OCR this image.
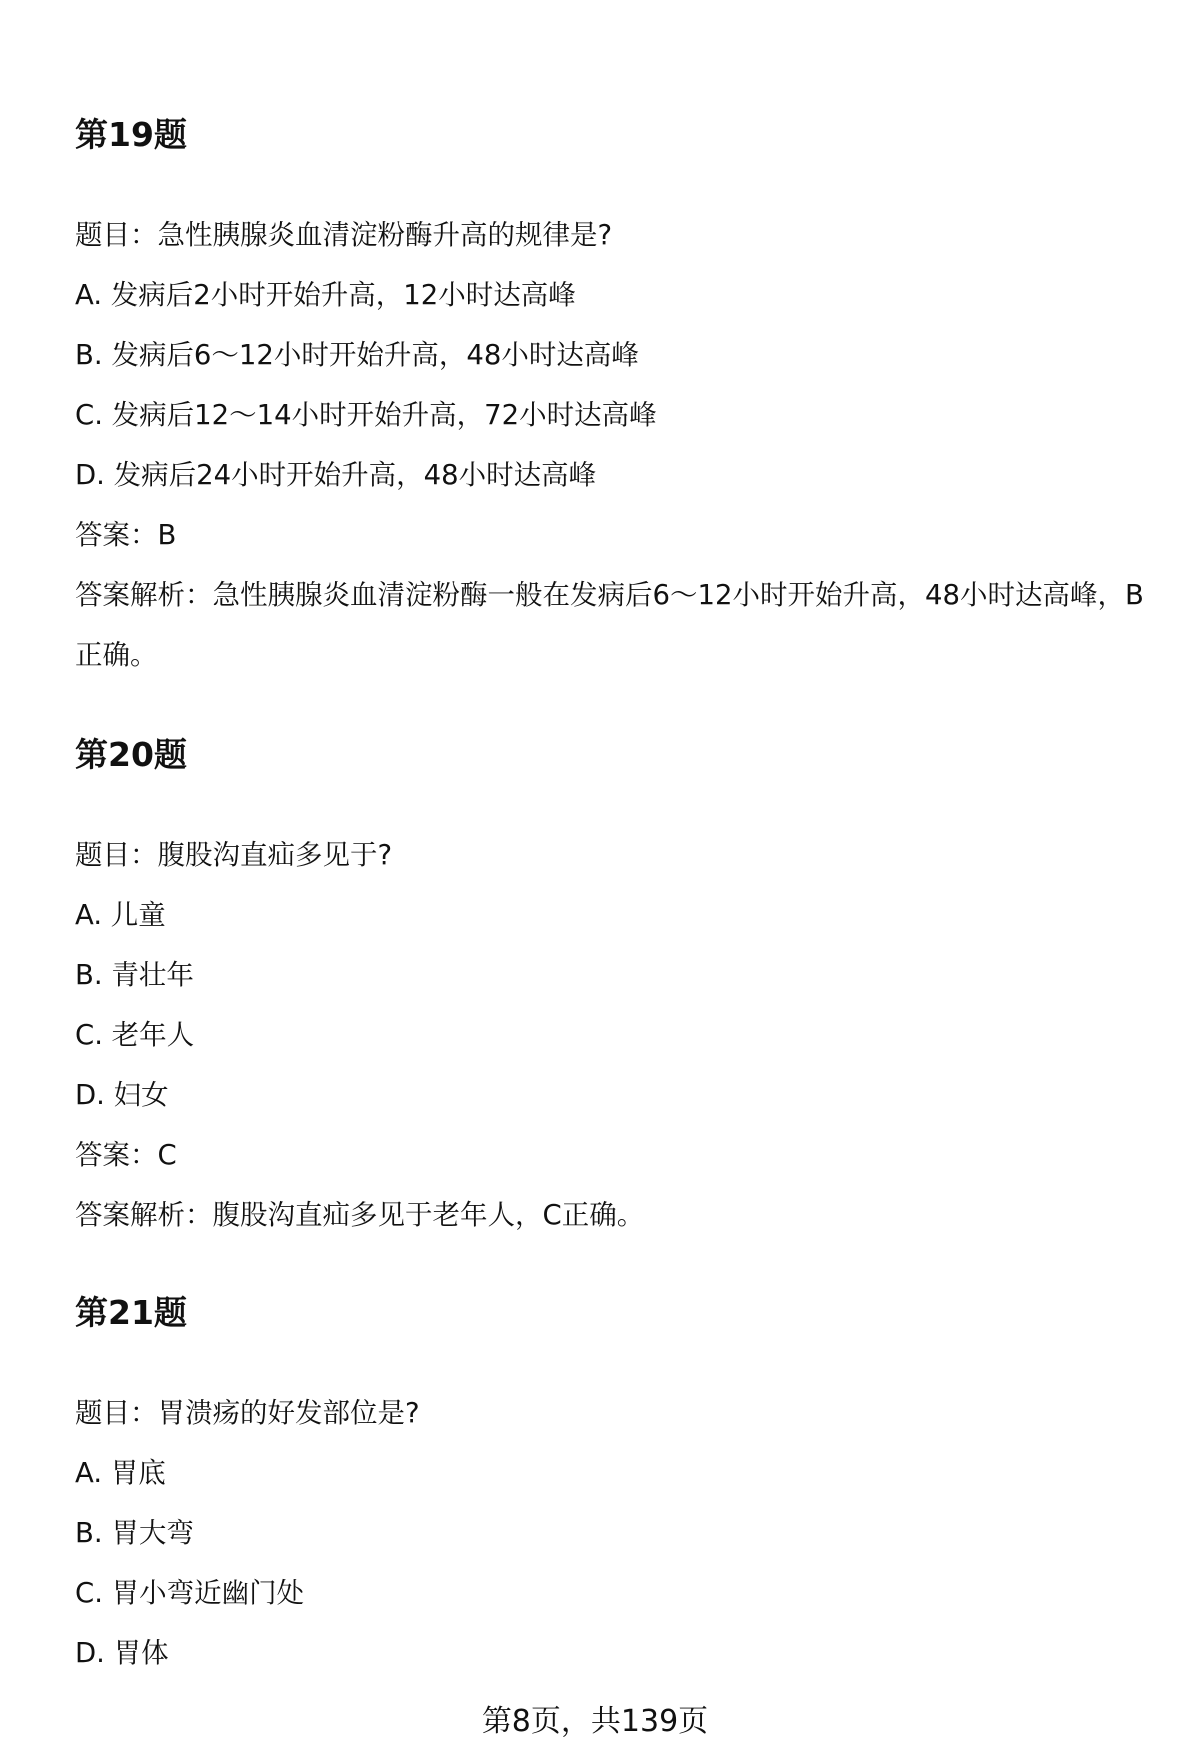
第19题

题目：急性胰腺炎血清淀粉酶升高的规律是?

A. 发病后2小时开始升高，12小时达高峰

B. 发病后6～12小时开始升高，48小时达高峰

C. 发病后12～14小时开始升高，72小时达高峰

D. 发病后24小时开始升高，48小时达高峰

答案：B

答案解析：急性胰腺炎血清淀粉酶一般在发病后6～12小时开始升高，48小时达高峰，B正确。

第20题

题目：腹股沟直疝多见于?

A. 儿童

B. 青壮年

C. 老年人

D. 妇女

答案：C

答案解析：腹股沟直疝多见于老年人，C正确。

第21题

题目：胃溃疡的好发部位是?

A. 胃底

B. 胃大弯

C. 胃小弯近幽门处

D. 胃体

第8页，共139页
